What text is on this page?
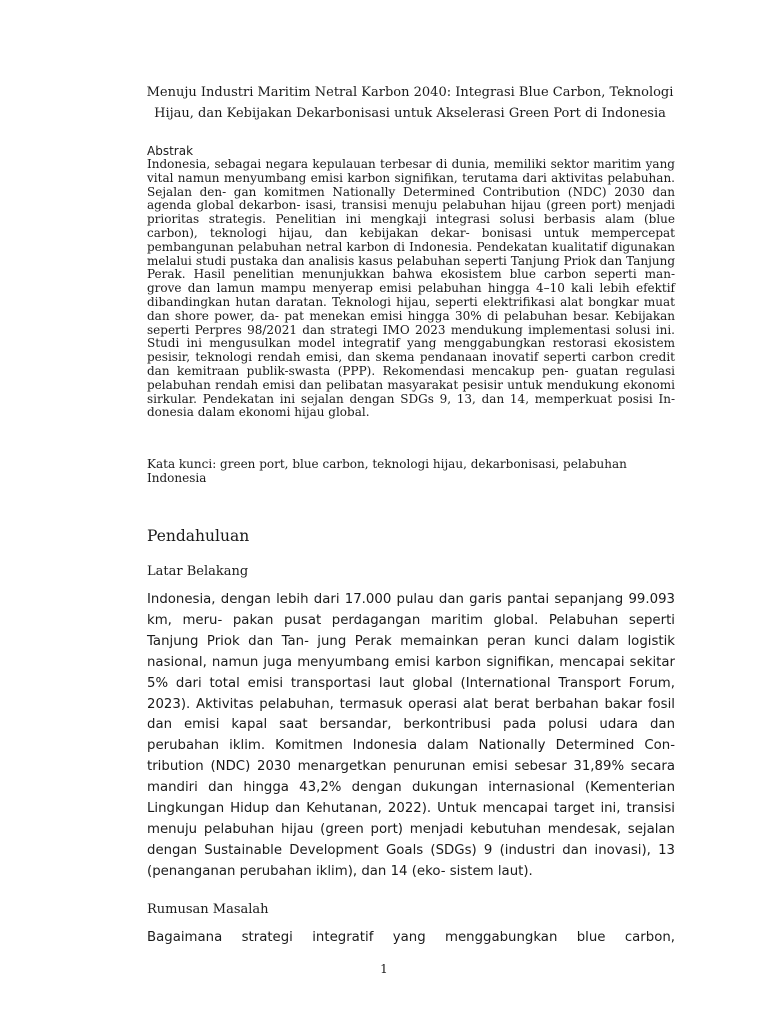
Menuju Industri Maritim Netral Karbon 2040: Integrasi Blue Carbon, Teknologi Hijau, dan Kebijakan Dekarbonisasi untuk Akselerasi Green Port di Indonesia
Abstrak

Indonesia, sebagai negara kepulauan terbesar di dunia, memiliki sektor maritim yang vital namun menyumbang emisi karbon signifikan, terutama dari aktivitas pelabuhan. Sejalan den- gan komitmen Nationally Determined Contribution (NDC) 2030 dan agenda global dekarbon- isasi, transisi menuju pelabuhan hijau (green port) menjadi prioritas strategis. Penelitian ini mengkaji integrasi solusi berbasis alam (blue carbon), teknologi hijau, dan kebijakan dekar- bonisasi untuk mempercepat pembangunan pelabuhan netral karbon di Indonesia. Pendekatan kualitatif digunakan melalui studi pustaka dan analisis kasus pelabuhan seperti Tanjung Priok dan Tanjung Perak. Hasil penelitian menunjukkan bahwa ekosistem blue carbon seperti man- grove dan lamun mampu menyerap emisi pelabuhan hingga 4–10 kali lebih efektif dibandingkan hutan daratan. Teknologi hijau, seperti elektrifikasi alat bongkar muat dan shore power, da- pat menekan emisi hingga 30% di pelabuhan besar. Kebijakan seperti Perpres 98/2021 dan strategi IMO 2023 mendukung implementasi solusi ini. Studi ini mengusulkan model integratif yang menggabungkan restorasi ekosistem pesisir, teknologi rendah emisi, dan skema pendanaan inovatif seperti carbon credit dan kemitraan publik-swasta (PPP). Rekomendasi mencakup pen- guatan regulasi pelabuhan rendah emisi dan pelibatan masyarakat pesisir untuk mendukung ekonomi sirkular. Pendekatan ini sejalan dengan SDGs 9, 13, dan 14, memperkuat posisi In- donesia dalam ekonomi hijau global.

Kata kunci: green port, blue carbon, teknologi hijau, dekarbonisasi, pelabuhan Indonesia

Pendahuluan
Latar Belakang

Indonesia, dengan lebih dari 17.000 pulau dan garis pantai sepanjang 99.093 km, meru- pakan pusat perdagangan maritim global. Pelabuhan seperti Tanjung Priok dan Tan- jung Perak memainkan peran kunci dalam logistik nasional, namun juga menyumbang emisi karbon signifikan, mencapai sekitar 5% dari total emisi transportasi laut global (International Transport Forum, 2023). Aktivitas pelabuhan, termasuk operasi alat berat berbahan bakar fosil dan emisi kapal saat bersandar, berkontribusi pada polusi udara dan perubahan iklim. Komitmen Indonesia dalam Nationally Determined Con- tribution (NDC) 2030 menargetkan penurunan emisi sebesar 31,89% secara mandiri dan hingga 43,2% dengan dukungan internasional (Kementerian Lingkungan Hidup dan Kehutanan, 2022). Untuk mencapai target ini, transisi menuju pelabuhan hijau (green port) menjadi kebutuhan mendesak, sejalan dengan Sustainable Development Goals (SDGs) 9 (industri dan inovasi), 13 (penanganan perubahan iklim), dan 14 (eko- sistem laut).

Rumusan Masalah

Bagaimana strategi integratif yang menggabungkan blue carbon,

1
